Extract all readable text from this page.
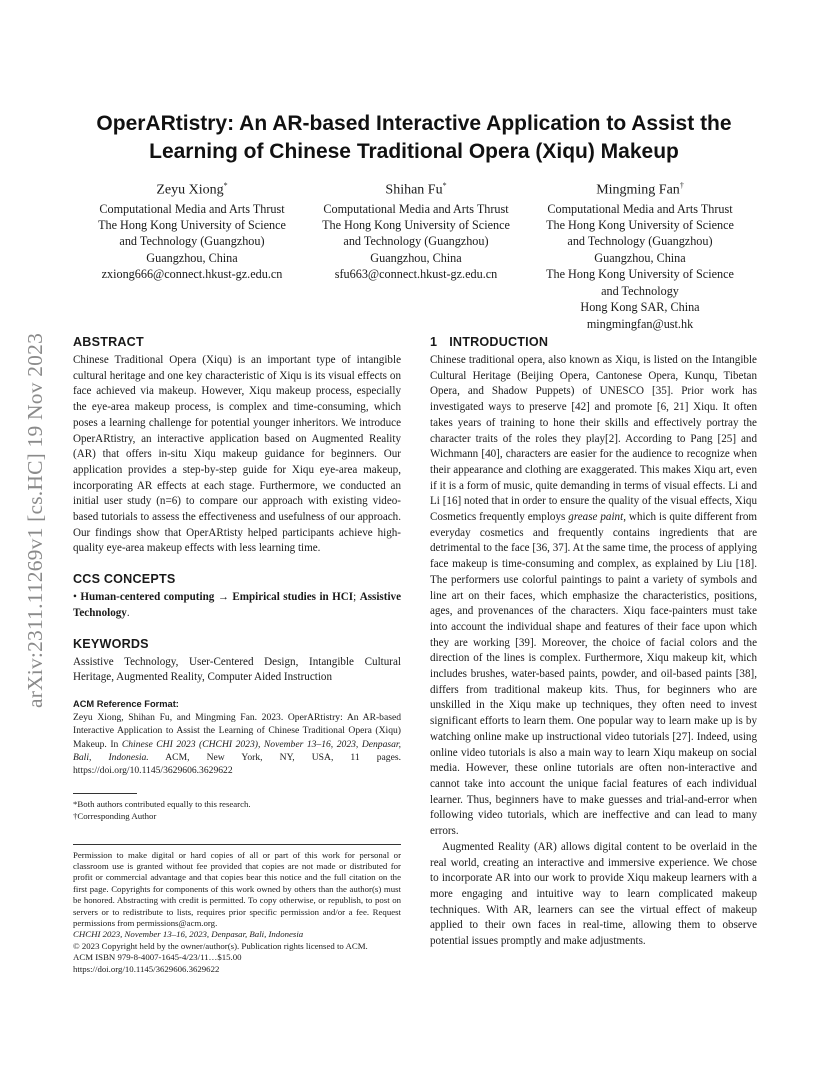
arXiv:2311.11269v1 [cs.HC] 19 Nov 2023
OperARtistry: An AR-based Interactive Application to Assist the Learning of Chinese Traditional Opera (Xiqu) Makeup
Zeyu Xiong*
Computational Media and Arts Thrust
The Hong Kong University of Science
and Technology (Guangzhou)
Guangzhou, China
zxiong666@connect.hkust-gz.edu.cn
Shihan Fu*
Computational Media and Arts Thrust
The Hong Kong University of Science
and Technology (Guangzhou)
Guangzhou, China
sfu663@connect.hkust-gz.edu.cn
Mingming Fan†
Computational Media and Arts Thrust
The Hong Kong University of Science
and Technology (Guangzhou)
Guangzhou, China
The Hong Kong University of Science
and Technology
Hong Kong SAR, China
mingmingfan@ust.hk
ABSTRACT

Chinese Traditional Opera (Xiqu) is an important type of intangible cultural heritage and one key characteristic of Xiqu is its visual effects on face achieved via makeup. However, Xiqu makeup process, especially the eye-area makeup process, is complex and time-consuming, which poses a learning challenge for potential younger inheritors. We introduce OperARtistry, an interactive application based on Augmented Reality (AR) that offers in-situ Xiqu makeup guidance for beginners. Our application provides a step-by-step guide for Xiqu eye-area makeup, incorporating AR effects at each stage. Furthermore, we conducted an initial user study (n=6) to compare our approach with existing video-based tutorials to assess the effectiveness and usefulness of our approach. Our findings show that OperARtisty helped participants achieve high-quality eye-area makeup effects with less learning time.

CCS CONCEPTS

• Human-centered computing → Empirical studies in HCI; Assistive Technology.

KEYWORDS

Assistive Technology, User-Centered Design, Intangible Cultural Heritage, Augmented Reality, Computer Aided Instruction

ACM Reference Format:

Zeyu Xiong, Shihan Fu, and Mingming Fan. 2023. OperARtistry: An AR-based Interactive Application to Assist the Learning of Chinese Traditional Opera (Xiqu) Makeup. In Chinese CHI 2023 (CHCHI 2023), November 13–16, 2023, Denpasar, Bali, Indonesia. ACM, New York, NY, USA, 11 pages. https://doi.org/10.1145/3629606.3629622

*Both authors contributed equally to this research.
†Corresponding Author
Permission to make digital or hard copies of all or part of this work for personal or classroom use is granted without fee provided that copies are not made or distributed for profit or commercial advantage and that copies bear this notice and the full citation on the first page. Copyrights for components of this work owned by others than the author(s) must be honored. Abstracting with credit is permitted. To copy otherwise, or republish, to post on servers or to redistribute to lists, requires prior specific permission and/or a fee. Request permissions from permissions@acm.org.
CHCHI 2023, November 13–16, 2023, Denpasar, Bali, Indonesia
© 2023 Copyright held by the owner/author(s). Publication rights licensed to ACM.
ACM ISBN 979-8-4007-1645-4/23/11…$15.00
https://doi.org/10.1145/3629606.3629622
1 INTRODUCTION

Chinese traditional opera, also known as Xiqu, is listed on the Intangible Cultural Heritage (Beijing Opera, Cantonese Opera, Kunqu, Tibetan Opera, and Shadow Puppets) of UNESCO [35]. Prior work has investigated ways to preserve [42] and promote [6, 21] Xiqu. It often takes years of training to hone their skills and effectively portray the character traits of the roles they play[2]. According to Pang [25] and Wichmann [40], characters are easier for the audience to recognize when their appearance and clothing are exaggerated. This makes Xiqu art, even if it is a form of music, quite demanding in terms of visual effects. Li and Li [16] noted that in order to ensure the quality of the visual effects, Xiqu Cosmetics frequently employs grease paint, which is quite different from everyday cosmetics and frequently contains ingredients that are detrimental to the face [36, 37]. At the same time, the process of applying face makeup is time-consuming and complex, as explained by Liu [18]. The performers use colorful paintings to paint a variety of symbols and line art on their faces, which emphasize the characteristics, positions, ages, and provenances of the characters. Xiqu face-painters must take into account the individual shape and features of their face upon which they are working [39]. Moreover, the choice of facial colors and the direction of the lines is complex. Furthermore, Xiqu makeup kit, which includes brushes, water-based paints, powder, and oil-based paints [38], differs from traditional makeup kits. Thus, for beginners who are unskilled in the Xiqu make up techniques, they often need to invest significant efforts to learn them. One popular way to learn make up is by watching online make up instructional video tutorials [27]. Indeed, using online video tutorials is also a main way to learn Xiqu makeup on social media. However, these online tutorials are often non-interactive and cannot take into account the unique facial features of each individual learner. Thus, beginners have to make guesses and trial-and-error when following video tutorials, which are ineffective and can lead to many errors.

Augmented Reality (AR) allows digital content to be overlaid in the real world, creating an interactive and immersive experience. We chose to incorporate AR into our work to provide Xiqu makeup learners with a more engaging and intuitive way to learn complicated makeup techniques. With AR, learners can see the virtual effect of makeup applied to their own faces in real-time, allowing them to observe potential issues promptly and make adjustments.
